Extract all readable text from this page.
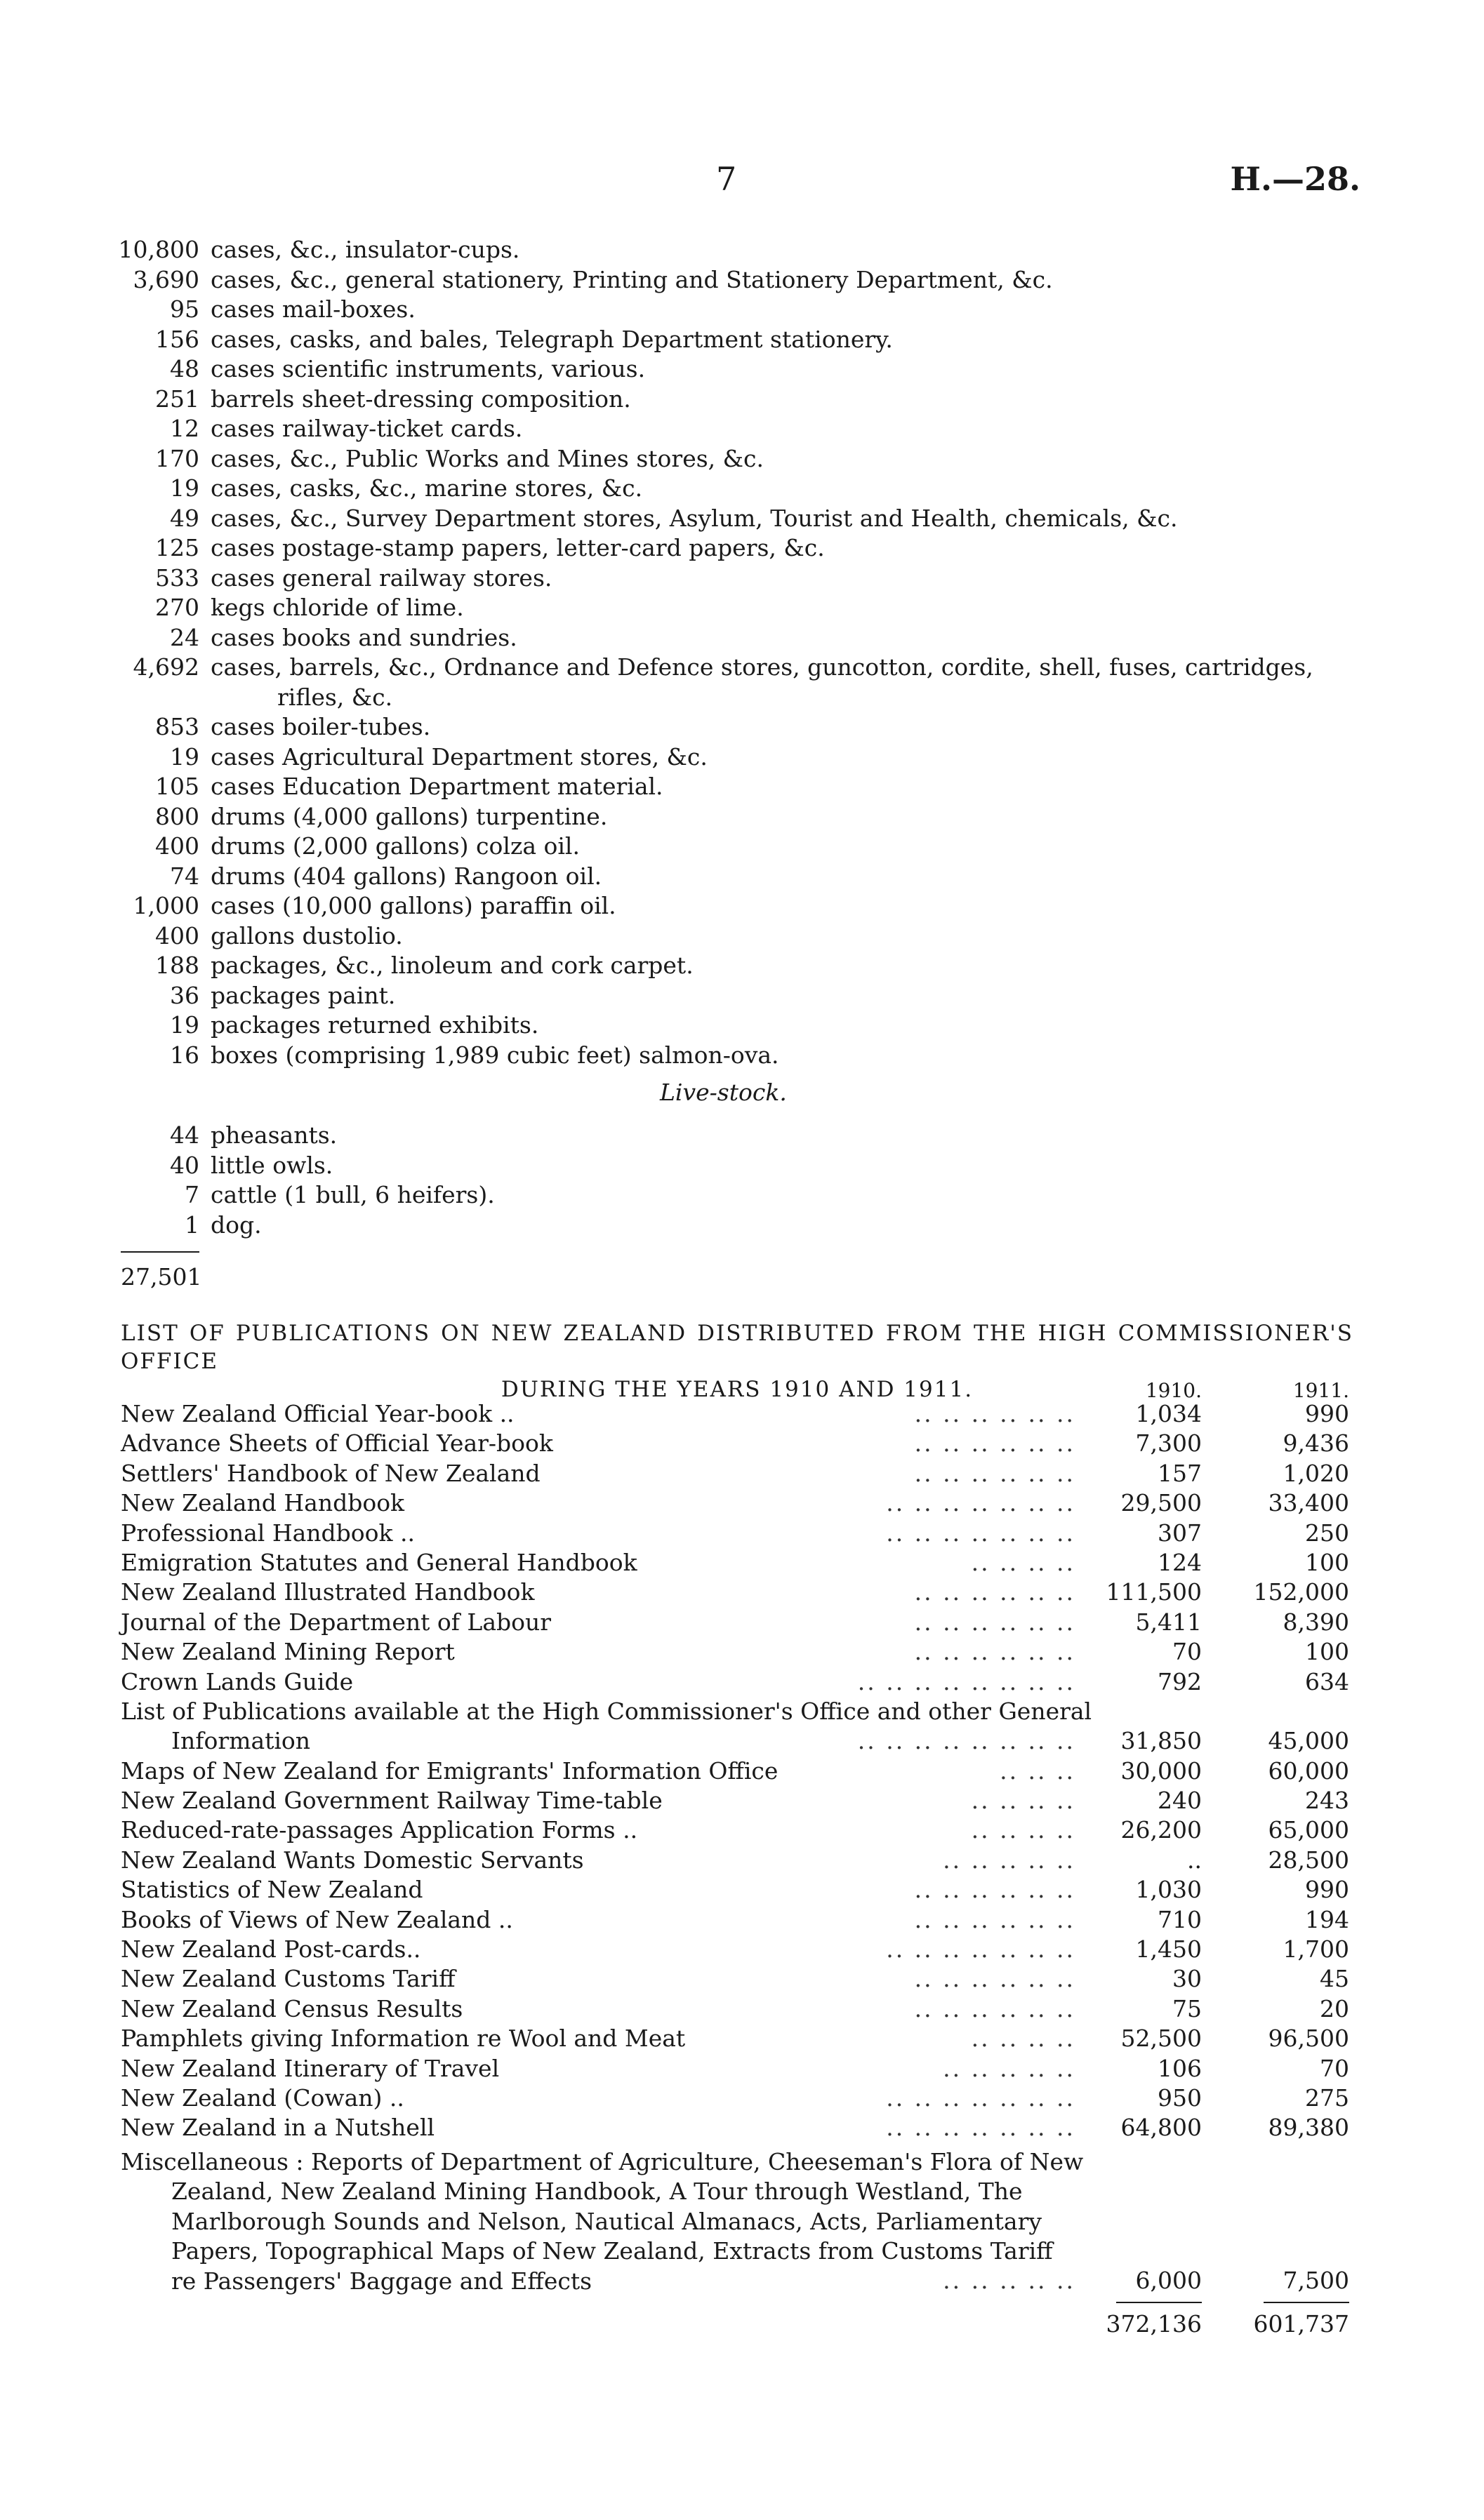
7	H.—28.
10,800 cases, &c., insulator-cups.
3,690 cases, &c., general stationery, Printing and Stationery Department, &c.
95 cases mail-boxes.
156 cases, casks, and bales, Telegraph Department stationery.
48 cases scientific instruments, various.
251 barrels sheet-dressing composition.
12 cases railway-ticket cards.
170 cases, &c., Public Works and Mines stores, &c.
19 cases, casks, &c., marine stores, &c.
49 cases, &c., Survey Department stores, Asylum, Tourist and Health, chemicals, &c.
125 cases postage-stamp papers, letter-card papers, &c.
533 cases general railway stores.
270 kegs chloride of lime.
24 cases books and sundries.
4,692 cases, barrels, &c., Ordnance and Defence stores, guncotton, cordite, shell, fuses, cartridges,
rifles, &c.
853 cases boiler-tubes.
19 cases Agricultural Department stores, &c.
105 cases Education Department material.
800 drums (4,000 gallons) turpentine.
400 drums (2,000 gallons) colza oil.
74 drums (404 gallons) Rangoon oil.
1,000 cases (10,000 gallons) paraffin oil.
400 gallons dustolio.
188 packages, &c., linoleum and cork carpet.
36 packages paint.
19 packages returned exhibits.
16 boxes (comprising 1,989 cubic feet) salmon-ova.
Live-stock.
44 pheasants.
40 little owls.
7 cattle (1 bull, 6 heifers).
1 dog.
27,501
LIST OF PUBLICATIONS ON NEW ZEALAND DISTRIBUTED FROM THE HIGH COMMISSIONER'S OFFICE
DURING THE YEARS 1910 AND 1911.	1910.	1911.
New Zealand Official Year-book ..	.. .. .. .. .. ..	1,034	990
Advance Sheets of Official Year-book	.. .. .. .. .. ..	7,300	9,436
Settlers' Handbook of New Zealand	.. .. .. .. .. ..	157	1,020
New Zealand Handbook	.. .. .. .. .. .. .. 29,500	33,400
Professional Handbook ..	.. .. .. .. .. .. ..	307	250
Emigration Statutes and General Handbook	.. .. .. ..	124	100
New Zealand Illustrated Handbook	.. .. .. .. .. .. 111,500 152,000
Journal of the Department of Labour	.. .. .. .. .. ..	5,411	8,390
New Zealand Mining Report	.. .. .. .. .. ..	70	100
Crown Lands Guide	.. .. .. .. .. .. .. ..	792	634
List of Publications available at the High Commissioner's Office and other General
Information	.. .. .. .. .. .. .. .. 31,850	45,000
Maps of New Zealand for Emigrants' Information Office	.. .. .. 30,000	60,000
New Zealand Government Railway Time-table	.. .. .. ..	240	243
Reduced-rate-passages Application Forms ..	.. .. .. .. 26,200	65,000
New Zealand Wants Domestic Servants	.. .. .. .. ..	..	28,500
Statistics of New Zealand	.. .. .. .. .. ..	1,030	990
Books of Views of New Zealand ..	.. .. .. .. .. ..	710	194
New Zealand Post-cards..	.. .. .. .. .. .. ..	1,450	1,700
New Zealand Customs Tariff	.. .. .. .. .. ..	30	45
New Zealand Census Results	.. .. .. .. .. ..	75	20
Pamphlets giving Information re Wool and Meat	.. .. .. .. 52,500	96,500
New Zealand Itinerary of Travel	.. .. .. .. ..	106	70
New Zealand (Cowan) ..	.. .. .. .. .. .. ..	950	275
New Zealand in a Nutshell	.. .. .. .. .. .. .. 64,800	89,380
Miscellaneous : Reports of Department of Agriculture, Cheeseman's Flora of New
Zealand, New Zealand Mining Handbook, A Tour through Westland, The
Marlborough Sounds and Nelson, Nautical Almanacs, Acts, Parliamentary
Papers, Topographical Maps of New Zealand, Extracts from Customs Tariff
re Passengers' Baggage and Effects	.. .. .. .. ..	6,000	7,500
372,136 601,737
